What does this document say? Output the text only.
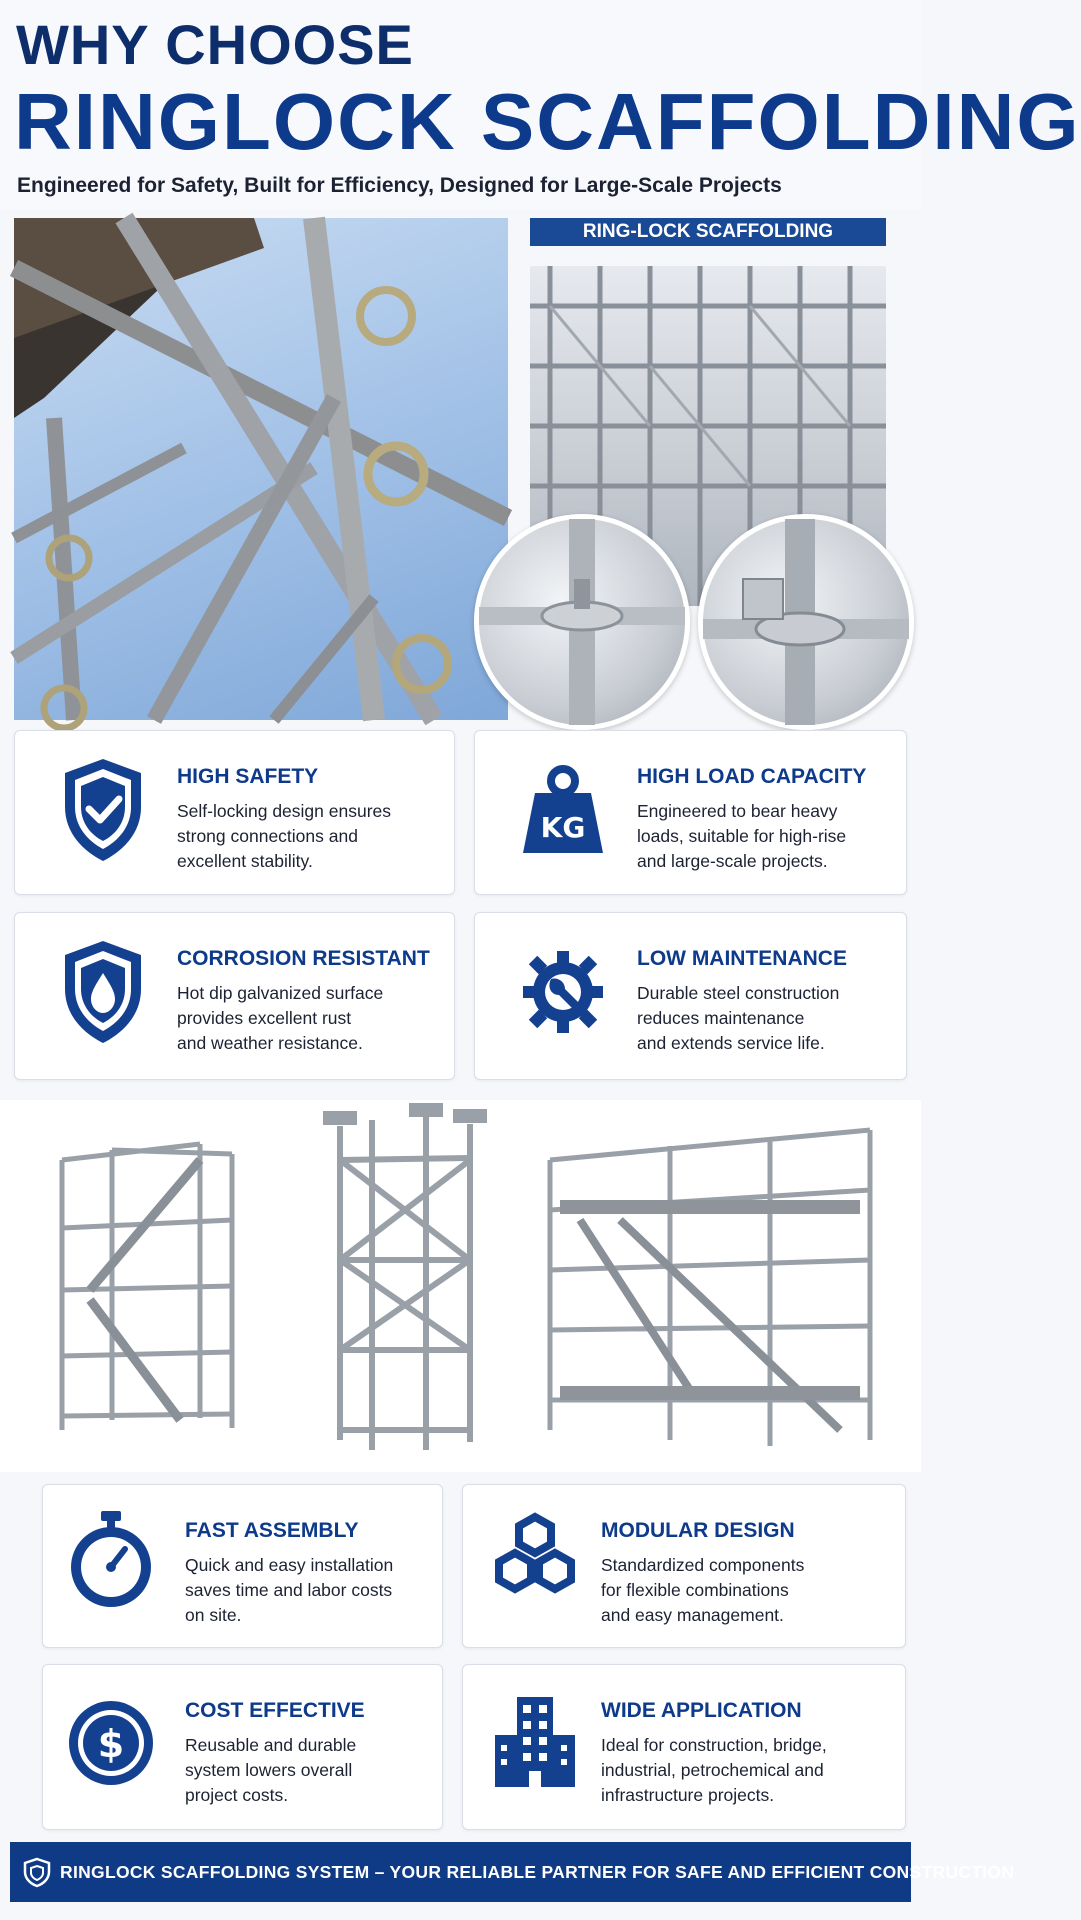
WHY CHOOSE
RINGLOCK SCAFFOLDING
Engineered for Safety, Built for Efficiency, Designed for Large-Scale Projects
RING-LOCK SCAFFOLDING
HIGH SAFETY
Self-locking design ensures
strong connections and
excellent stability.
KG
HIGH LOAD CAPACITY
Engineered to bear heavy
loads, suitable for high-rise
and large-scale projects.
CORROSION RESISTANT
Hot dip galvanized surface
provides excellent rust
and weather resistance.
LOW MAINTENANCE
Durable steel construction
reduces maintenance
and extends service life.
FAST ASSEMBLY
Quick and easy installation
saves time and labor costs
on site.
MODULAR DESIGN
Standardized components
for flexible combinations
and easy management.
$
COST EFFECTIVE
Reusable and durable
system lowers overall
project costs.
WIDE APPLICATION
Ideal for construction, bridge,
industrial, petrochemical and
infrastructure projects.
RINGLOCK SCAFFOLDING SYSTEM – YOUR RELIABLE PARTNER FOR SAFE AND EFFICIENT CONSTRUCTION
